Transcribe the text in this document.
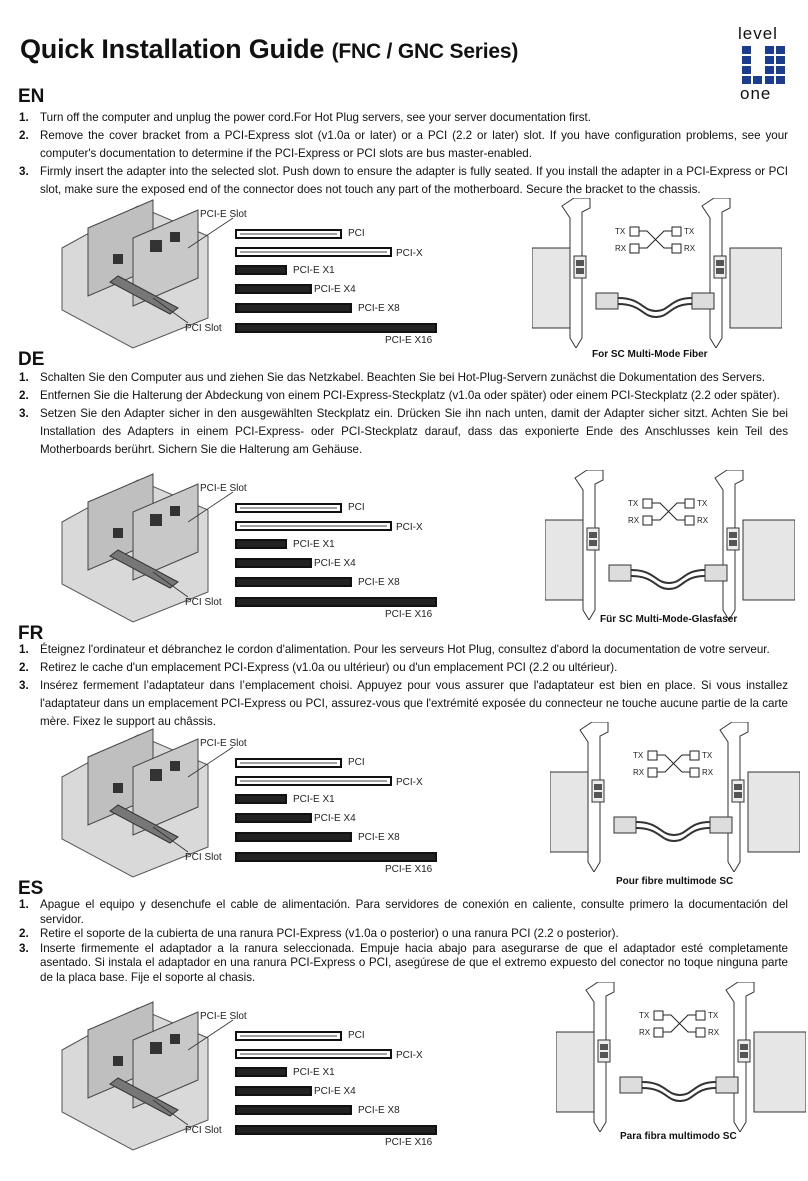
Quick Installation Guide (FNC / GNC Series)
level
one
EN
1. Turn off the computer and unplug the power cord.For Hot Plug servers, see your server documentation first.
2. Remove the cover bracket from a PCI-Express slot (v1.0a or later) or a PCI (2.2 or later) slot. If you have configuration problems, see your computer's documentation to determine if the PCI-Express or PCI slots are bus master-enabled.
3. Firmly insert the adapter into the selected slot. Push down to ensure the adapter is fully seated. If you install the adapter in a PCI-Express or PCI slot, make sure the exposed end of the connector does not touch any part of the motherboard. Secure the bracket to the chassis.
PCI-E Slot
PCI Slot
PCI
PCI-X
PCI-E X1
PCI-E X4
PCI-E X8
PCI-E X16
TX
RX
TX
RX
For SC Multi-Mode Fiber
DE
1. Schalten Sie den Computer aus und ziehen Sie das Netzkabel. Beachten Sie bei Hot-Plug-Servern zunächst die Dokumentation des Servers.
2. Entfernen Sie die Halterung der Abdeckung von einem PCI-Express-Steckplatz (v1.0a oder später) oder einem PCI-Steckplatz (2.2 oder später).
3. Setzen Sie den Adapter sicher in den ausgewählten Steckplatz ein. Drücken Sie ihn nach unten, damit der Adapter sicher sitzt. Achten Sie bei Installation des Adapters in einem PCI-Express- oder PCI-Steckplatz darauf, dass das exponierte Ende des Anschlusses kein Teil des Motherboards berührt. Sichern Sie die Halterung am Gehäuse.
PCI-E Slot
PCI Slot
PCI
PCI-X
PCI-E X1
PCI-E X4
PCI-E X8
PCI-E X16
TX
RX
TX
RX
Für SC Multi-Mode-Glasfaser
FR
1. Éteignez l'ordinateur et débranchez le cordon d'alimentation. Pour les serveurs Hot Plug, consultez d'abord la documentation de votre serveur.
2. Retirez le cache d'un emplacement PCI-Express (v1.0a ou ultérieur) ou d'un emplacement PCI (2.2 ou ultérieur).
3. Insérez fermement l’adaptateur dans l’emplacement choisi. Appuyez pour vous assurer que l'adaptateur est bien en place. Si vous installez l'adaptateur dans un emplacement PCI-Express ou PCI, assurez-vous que l'extrémité exposée du connecteur ne touche aucune partie de la carte mère. Fixez le support au châssis.
PCI-E Slot
PCI Slot
PCI
PCI-X
PCI-E X1
PCI-E X4
PCI-E X8
PCI-E X16
TX
RX
TX
RX
Pour fibre multimode SC
ES
1. Apague el equipo y desenchufe el cable de alimentación. Para servidores de conexión en caliente, consulte primero la documentación del servidor.
2. Retire el soporte de la cubierta de una ranura PCI-Express (v1.0a o posterior) o una ranura PCI (2.2 o posterior).
3. Inserte firmemente el adaptador a la ranura seleccionada. Empuje hacia abajo para asegurarse de que el adaptador esté completamente asentado. Si instala el adaptador en una ranura PCI-Express o PCI, asegúrese de que el extremo expuesto del conector no toque ninguna parte de la placa base. Fije el soporte al chasis.
PCI-E Slot
PCI Slot
PCI
PCI-X
PCI-E X1
PCI-E X4
PCI-E X8
PCI-E X16
TX
RX
TX
RX
Para fibra multimodo SC
